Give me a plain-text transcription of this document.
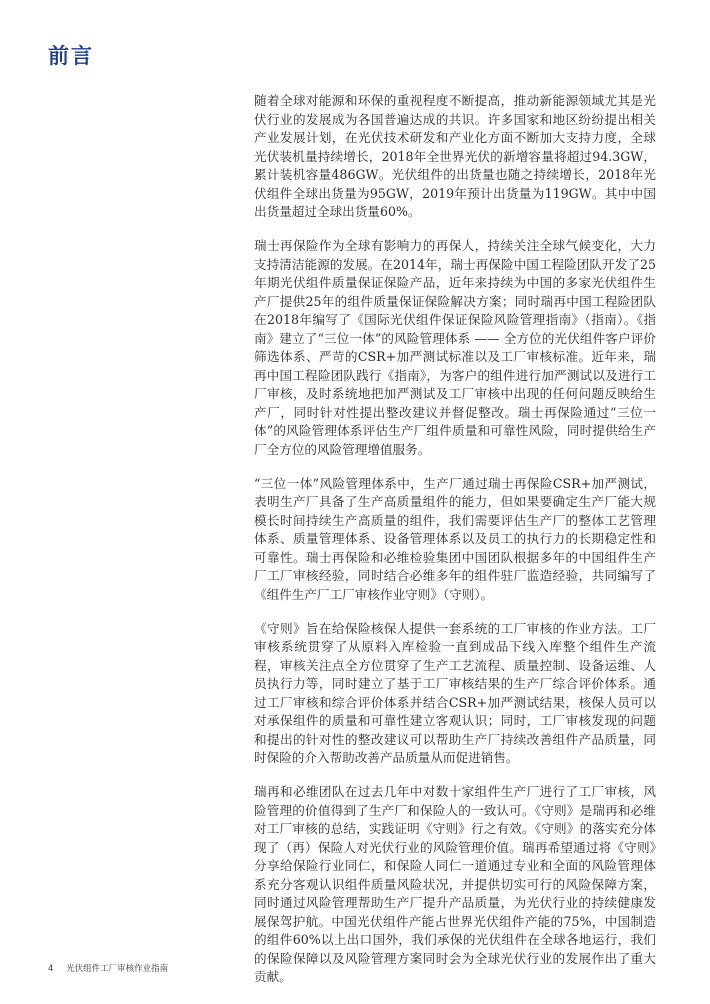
前言

随着全球对能源和环保的重视程度不断提高，推动新能源领域尤其是光伏行业的发展成为各国普遍达成的共识。许多国家和地区纷纷提出相关产业发展计划，在光伏技术研发和产业化方面不断加大支持力度，全球光伏装机量持续增长，2018年全世界光伏的新增容量将超过94.3GW，累计装机容量486GW。光伏组件的出货量也随之持续增长，2018年光伏组件全球出货量为95GW，2019年预计出货量为119GW。其中中国出货量超过全球出货量60%。

瑞士再保险作为全球有影响力的再保人，持续关注全球气候变化，大力支持清洁能源的发展。在2014年，瑞士再保险中国工程险团队开发了25年期光伏组件质量保证保险产品，近年来持续为中国的多家光伏组件生产厂提供25年的组件质量保证保险解决方案；同时瑞再中国工程险团队在2018年编写了《国际光伏组件保证保险风险管理指南》（指南）。《指南》建立了“三位一体”的风险管理体系 —— 全方位的光伏组件客户评价筛选体系、严苛的CSR+加严测试标准以及工厂审核标准。近年来，瑞再中国工程险团队践行《指南》，为客户的组件进行加严测试以及进行工厂审核，及时系统地把加严测试及工厂审核中出现的任何问题反映给生产厂，同时针对性提出整改建议并督促整改。瑞士再保险通过“三位一体”的风险管理体系评估生产厂组件质量和可靠性风险，同时提供给生产厂全方位的风险管理增值服务。

“三位一体”风险管理体系中，生产厂通过瑞士再保险CSR+加严测试，表明生产厂具备了生产高质量组件的能力，但如果要确定生产厂能大规模长时间持续生产高质量的组件，我们需要评估生产厂的整体工艺管理体系、质量管理体系、设备管理体系以及员工的执行力的长期稳定性和可靠性。瑞士再保险和必维检验集团中国团队根据多年的中国组件生产厂工厂审核经验，同时结合必维多年的组件驻厂监造经验，共同编写了《组件生产厂工厂审核作业守则》（守则）。

《守则》旨在给保险核保人提供一套系统的工厂审核的作业方法。工厂审核系统贯穿了从原料入库检验一直到成品下线入库整个组件生产流程，审核关注点全方位贯穿了生产工艺流程、质量控制、设备运维、人员执行力等，同时建立了基于工厂审核结果的生产厂综合评价体系。通过工厂审核和综合评价体系并结合CSR+加严测试结果，核保人员可以对承保组件的质量和可靠性建立客观认识；同时，工厂审核发现的问题和提出的针对性的整改建议可以帮助生产厂持续改善组件产品质量，同时保险的介入帮助改善产品质量从而促进销售。

瑞再和必维团队在过去几年中对数十家组件生产厂进行了工厂审核，风险管理的价值得到了生产厂和保险人的一致认可。《守则》是瑞再和必维对工厂审核的总结，实践证明《守则》行之有效。《守则》的落实充分体现了（再）保险人对光伏行业的风险管理价值。瑞再希望通过将《守则》分享给保险行业同仁，和保险人同仁一道通过专业和全面的风险管理体系充分客观认识组件质量风险状况，并提供切实可行的风险保障方案，同时通过风险管理帮助生产厂提升产品质量，为光伏行业的持续健康发展保驾护航。中国光伏组件产能占世界光伏组件产能的75%，中国制造的组件60%以上出口国外，我们承保的光伏组件在全球各地运行，我们的保险保障以及风险管理方案同时会为全球光伏行业的发展作出了重大贡献。

4 光伏组件工厂审核作业指南
